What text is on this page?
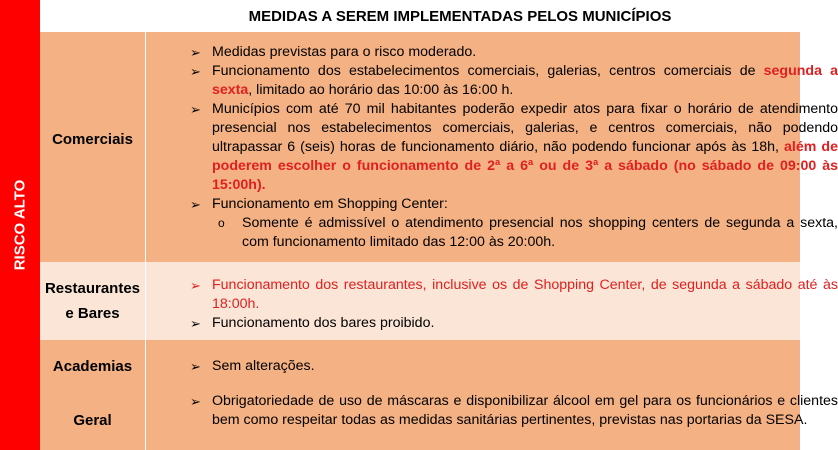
RISCO ALTO
MEDIDAS A SEREM IMPLEMENTADAS PELOS MUNICÍPIOS
Comerciais
➢ Medidas previstas para o risco moderado.
➢ Funcionamento dos estabelecimentos comerciais, galerias, centros comerciais de segunda a sexta, limitado ao horário das 10:00 às 16:00 h.
➢ Municípios com até 70 mil habitantes poderão expedir atos para fixar o horário de atendimento presencial nos estabelecimentos comerciais, galerias, e centros comerciais, não podendo ultrapassar 6 (seis) horas de funcionamento diário, não podendo funcionar após às 18h, além de poderem escolher o funcionamento de 2ª a 6ª ou de 3ª a sábado (no sábado de 09:00 às 15:00h).
➢ Funcionamento em Shopping Center:
o Somente é admissível o atendimento presencial nos shopping centers de segunda a sexta, com funcionamento limitado das 12:00 às 20:00h.
Restaurantes
e Bares
➢ Funcionamento dos restaurantes, inclusive os de Shopping Center, de segunda a sábado até às 18:00h.
➢ Funcionamento dos bares proibido.
Academias
Geral
➢ Sem alterações.
➢ Obrigatoriedade de uso de máscaras e disponibilizar álcool em gel para os funcionários e clientes bem como respeitar todas as medidas sanitárias pertinentes, previstas nas portarias da SESA.
